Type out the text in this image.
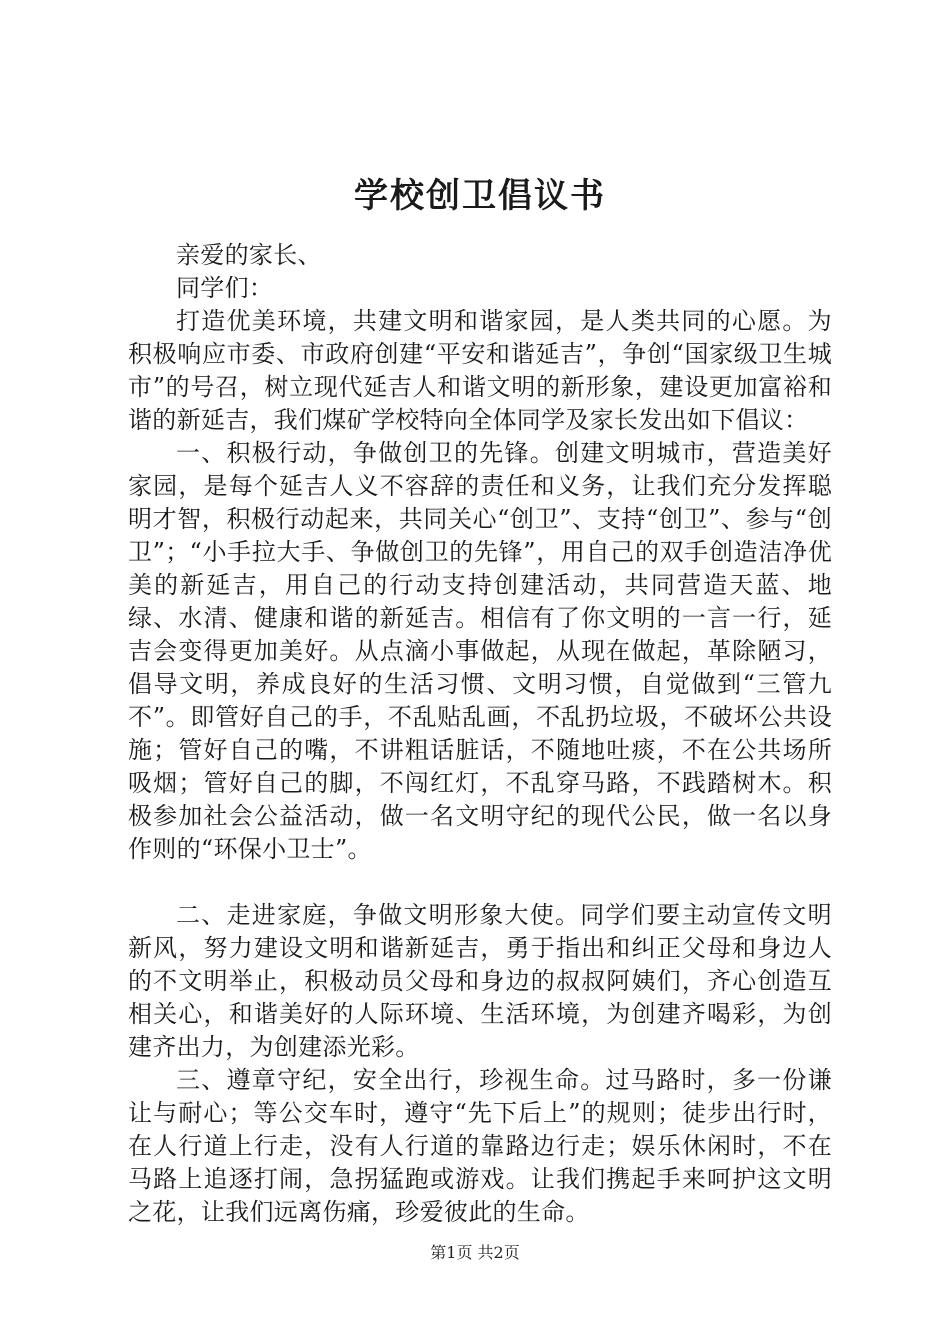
学校创卫倡议书

亲爱的家长、

同学们：

打造优美环境，共建文明和谐家园，是人类共同的心愿。为积极响应市委、市政府创建“平安和谐延吉”，争创“国家级卫生城市”的号召，树立现代延吉人和谐文明的新形象，建设更加富裕和谐的新延吉，我们煤矿学校特向全体同学及家长发出如下倡议：

一、积极行动，争做创卫的先锋。创建文明城市，营造美好家园，是每个延吉人义不容辞的责任和义务，让我们充分发挥聪明才智，积极行动起来，共同关心“创卫”、支持“创卫”、参与“创卫”；“小手拉大手、争做创卫的先锋”，用自己的双手创造洁净优美的新延吉，用自己的行动支持创建活动，共同营造天蓝、地绿、水清、健康和谐的新延吉。相信有了你文明的一言一行，延吉会变得更加美好。从点滴小事做起，从现在做起，革除陋习，倡导文明，养成良好的生活习惯、文明习惯，自觉做到“三管九不”。即管好自己的手，不乱贴乱画，不乱扔垃圾，不破坏公共设施；管好自己的嘴，不讲粗话脏话，不随地吐痰，不在公共场所吸烟；管好自己的脚，不闯红灯，不乱穿马路，不践踏树木。积极参加社会公益活动，做一名文明守纪的现代公民，做一名以身作则的“环保小卫士”。

二、走进家庭，争做文明形象大使。同学们要主动宣传文明新风，努力建设文明和谐新延吉，勇于指出和纠正父母和身边人的不文明举止，积极动员父母和身边的叔叔阿姨们，齐心创造互相关心，和谐美好的人际环境、生活环境，为创建齐喝彩，为创建齐出力，为创建添光彩。

三、遵章守纪，安全出行，珍视生命。过马路时，多一份谦让与耐心；等公交车时，遵守“先下后上”的规则；徒步出行时，在人行道上行走，没有人行道的靠路边行走；娱乐休闲时，不在马路上追逐打闹，急拐猛跑或游戏。让我们携起手来呵护这文明之花，让我们远离伤痛，珍爱彼此的生命。

第1页 共2页
